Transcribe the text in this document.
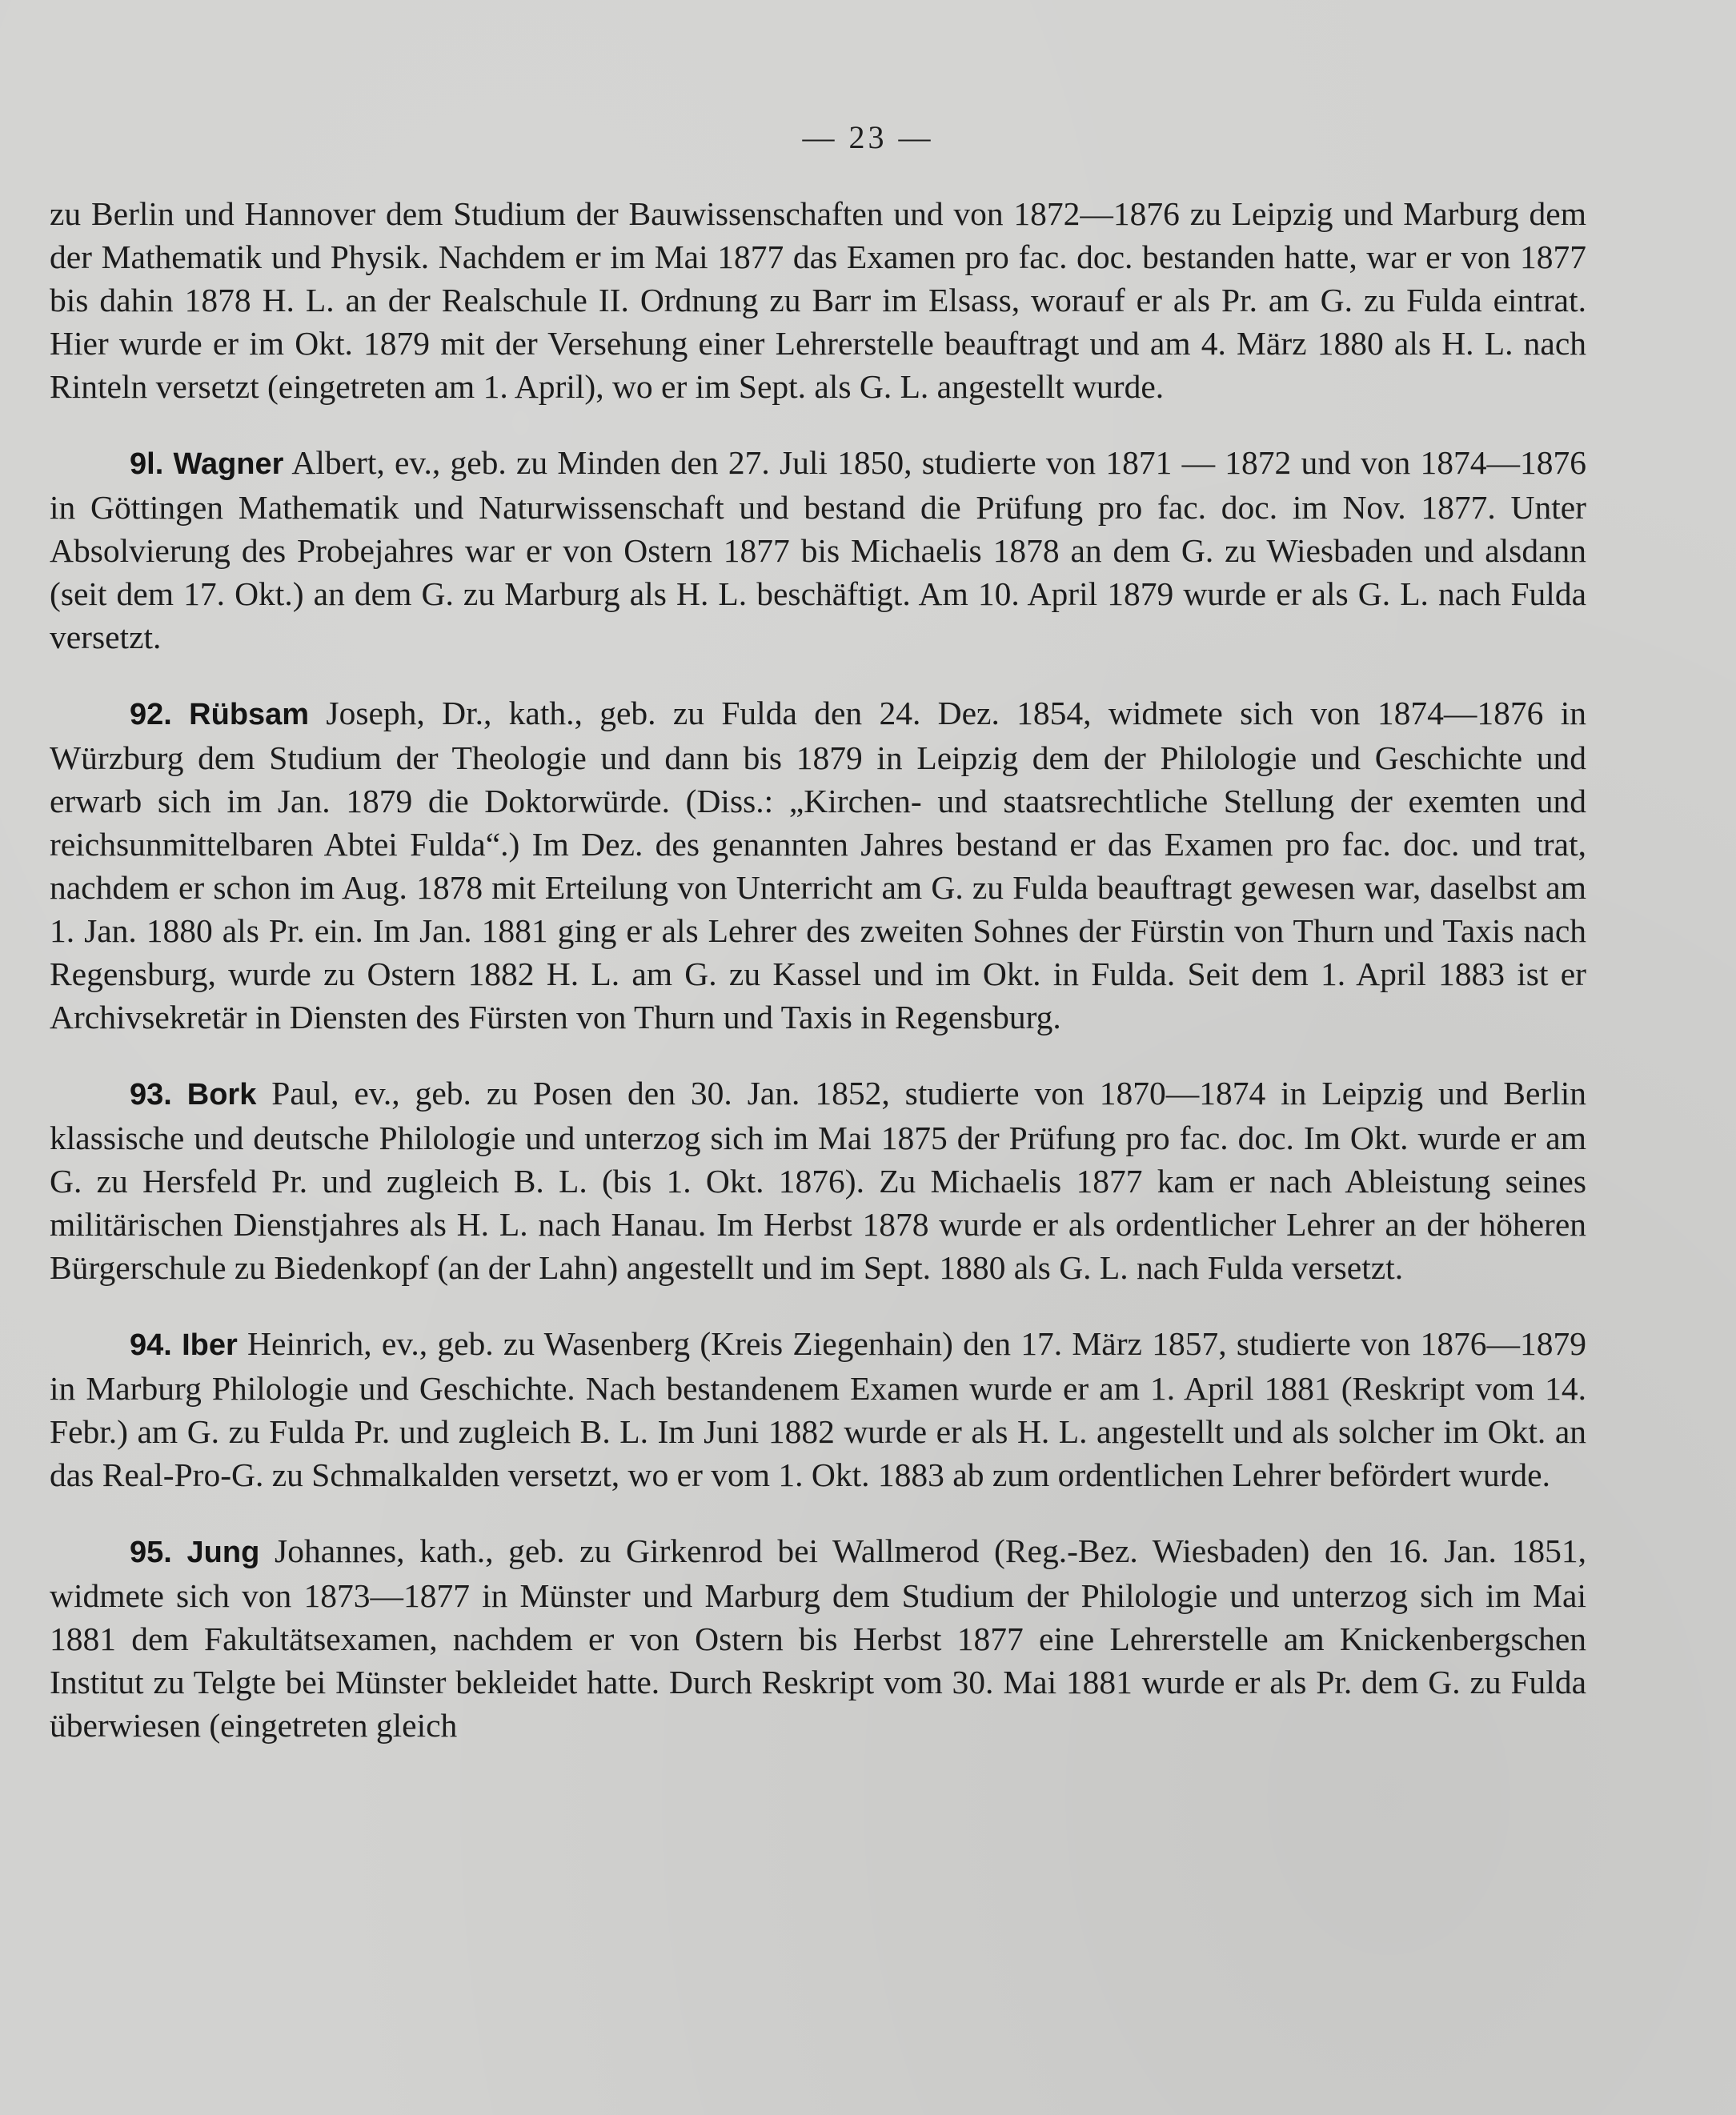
— 23 —

zu Berlin und Hannover dem Studium der Bauwissenschaften und von 1872—1876 zu Leipzig und Marburg dem der Mathematik und Physik. Nachdem er im Mai 1877 das Examen pro fac. doc. bestanden hatte, war er von 1877 bis dahin 1878 H. L. an der Realschule II. Ordnung zu Barr im Elsass, worauf er als Pr. am G. zu Fulda eintrat. Hier wurde er im Okt. 1879 mit der Versehung einer Lehrerstelle beauftragt und am 4. März 1880 als H. L. nach Rinteln versetzt (eingetreten am 1. April), wo er im Sept. als G. L. angestellt wurde.

9l. Wagner Albert, ev., geb. zu Minden den 27. Juli 1850, studierte von 1871 — 1872 und von 1874—1876 in Göttingen Mathematik und Naturwissenschaft und bestand die Prüfung pro fac. doc. im Nov. 1877. Unter Absolvierung des Probejahres war er von Ostern 1877 bis Michaelis 1878 an dem G. zu Wiesbaden und alsdann (seit dem 17. Okt.) an dem G. zu Marburg als H. L. beschäftigt. Am 10. April 1879 wurde er als G. L. nach Fulda versetzt.

92. Rübsam Joseph, Dr., kath., geb. zu Fulda den 24. Dez. 1854, widmete sich von 1874—1876 in Würzburg dem Studium der Theologie und dann bis 1879 in Leipzig dem der Philologie und Geschichte und erwarb sich im Jan. 1879 die Doktorwürde. (Diss.: „Kirchen- und staatsrechtliche Stellung der exemten und reichsunmittelbaren Abtei Fulda“.) Im Dez. des genannten Jahres bestand er das Examen pro fac. doc. und trat, nachdem er schon im Aug. 1878 mit Erteilung von Unterricht am G. zu Fulda beauftragt gewesen war, daselbst am 1. Jan. 1880 als Pr. ein. Im Jan. 1881 ging er als Lehrer des zweiten Sohnes der Fürstin von Thurn und Taxis nach Regensburg, wurde zu Ostern 1882 H. L. am G. zu Kassel und im Okt. in Fulda. Seit dem 1. April 1883 ist er Archivsekretär in Diensten des Fürsten von Thurn und Taxis in Regensburg.

93. Bork Paul, ev., geb. zu Posen den 30. Jan. 1852, studierte von 1870—1874 in Leipzig und Berlin klassische und deutsche Philologie und unterzog sich im Mai 1875 der Prüfung pro fac. doc. Im Okt. wurde er am G. zu Hersfeld Pr. und zugleich B. L. (bis 1. Okt. 1876). Zu Michaelis 1877 kam er nach Ableistung seines militärischen Dienstjahres als H. L. nach Hanau. Im Herbst 1878 wurde er als ordentlicher Lehrer an der höheren Bürgerschule zu Biedenkopf (an der Lahn) angestellt und im Sept. 1880 als G. L. nach Fulda versetzt.

94. Iber Heinrich, ev., geb. zu Wasenberg (Kreis Ziegenhain) den 17. März 1857, studierte von 1876—1879 in Marburg Philologie und Geschichte. Nach bestandenem Examen wurde er am 1. April 1881 (Reskript vom 14. Febr.) am G. zu Fulda Pr. und zugleich B. L. Im Juni 1882 wurde er als H. L. angestellt und als solcher im Okt. an das Real-Pro-G. zu Schmalkalden versetzt, wo er vom 1. Okt. 1883 ab zum ordentlichen Lehrer befördert wurde.

95. Jung Johannes, kath., geb. zu Girkenrod bei Wallmerod (Reg.-Bez. Wiesbaden) den 16. Jan. 1851, widmete sich von 1873—1877 in Münster und Marburg dem Studium der Philologie und unterzog sich im Mai 1881 dem Fakultätsexamen, nachdem er von Ostern bis Herbst 1877 eine Lehrerstelle am Knickenbergschen Institut zu Telgte bei Münster bekleidet hatte. Durch Reskript vom 30. Mai 1881 wurde er als Pr. dem G. zu Fulda überwiesen (eingetreten gleich
